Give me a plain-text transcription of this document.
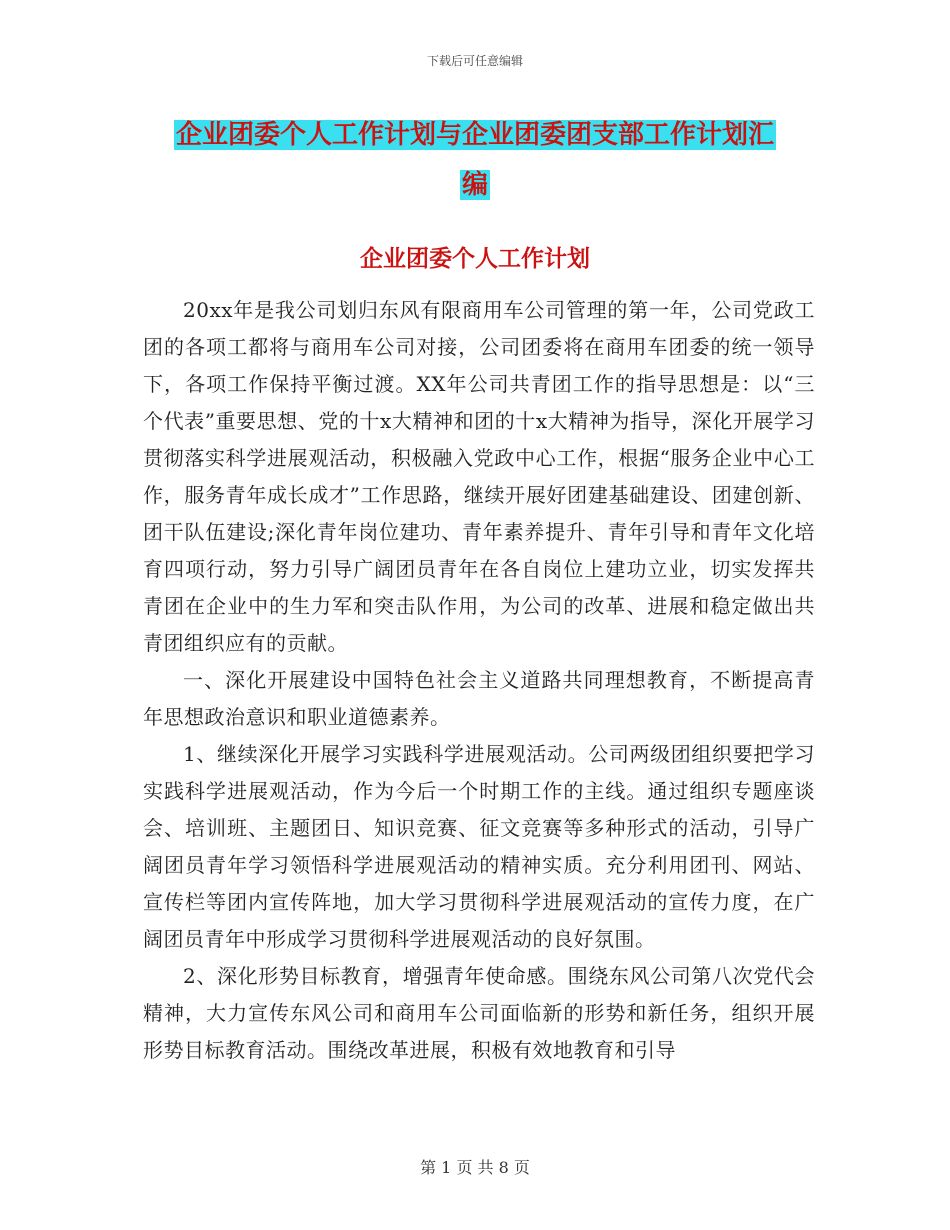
下载后可任意编辑
企业团委个人工作计划与企业团委团支部工作计划汇
编
企业团委个人工作计划

20xx年是我公司划归东风有限商用车公司管理的第一年，公司党政工团的各项工都将与商用车公司对接，公司团委将在商用车团委的统一领导下，各项工作保持平衡过渡。XX年公司共青团工作的指导思想是：以“三个代表”重要思想、党的十x大精神和团的十x大精神为指导，深化开展学习贯彻落实科学进展观活动，积极融入党政中心工作，根据“服务企业中心工作，服务青年成长成才”工作思路，继续开展好团建基础建设、团建创新、团干队伍建设;深化青年岗位建功、青年素养提升、青年引导和青年文化培育四项行动，努力引导广阔团员青年在各自岗位上建功立业，切实发挥共青团在企业中的生力军和突击队作用，为公司的改革、进展和稳定做出共青团组织应有的贡献。

一、深化开展建设中国特色社会主义道路共同理想教育，不断提高青年思想政治意识和职业道德素养。

1、继续深化开展学习实践科学进展观活动。公司两级团组织要把学习实践科学进展观活动，作为今后一个时期工作的主线。通过组织专题座谈会、培训班、主题团日、知识竞赛、征文竞赛等多种形式的活动，引导广阔团员青年学习领悟科学进展观活动的精神实质。充分利用团刊、网站、宣传栏等团内宣传阵地，加大学习贯彻科学进展观活动的宣传力度，在广阔团员青年中形成学习贯彻科学进展观活动的良好氛围。

2、深化形势目标教育，增强青年使命感。围绕东风公司第八次党代会精神，大力宣传东风公司和商用车公司面临新的形势和新任务，组织开展形势目标教育活动。围绕改革进展，积极有效地教育和引导

第 1 页 共 8 页
